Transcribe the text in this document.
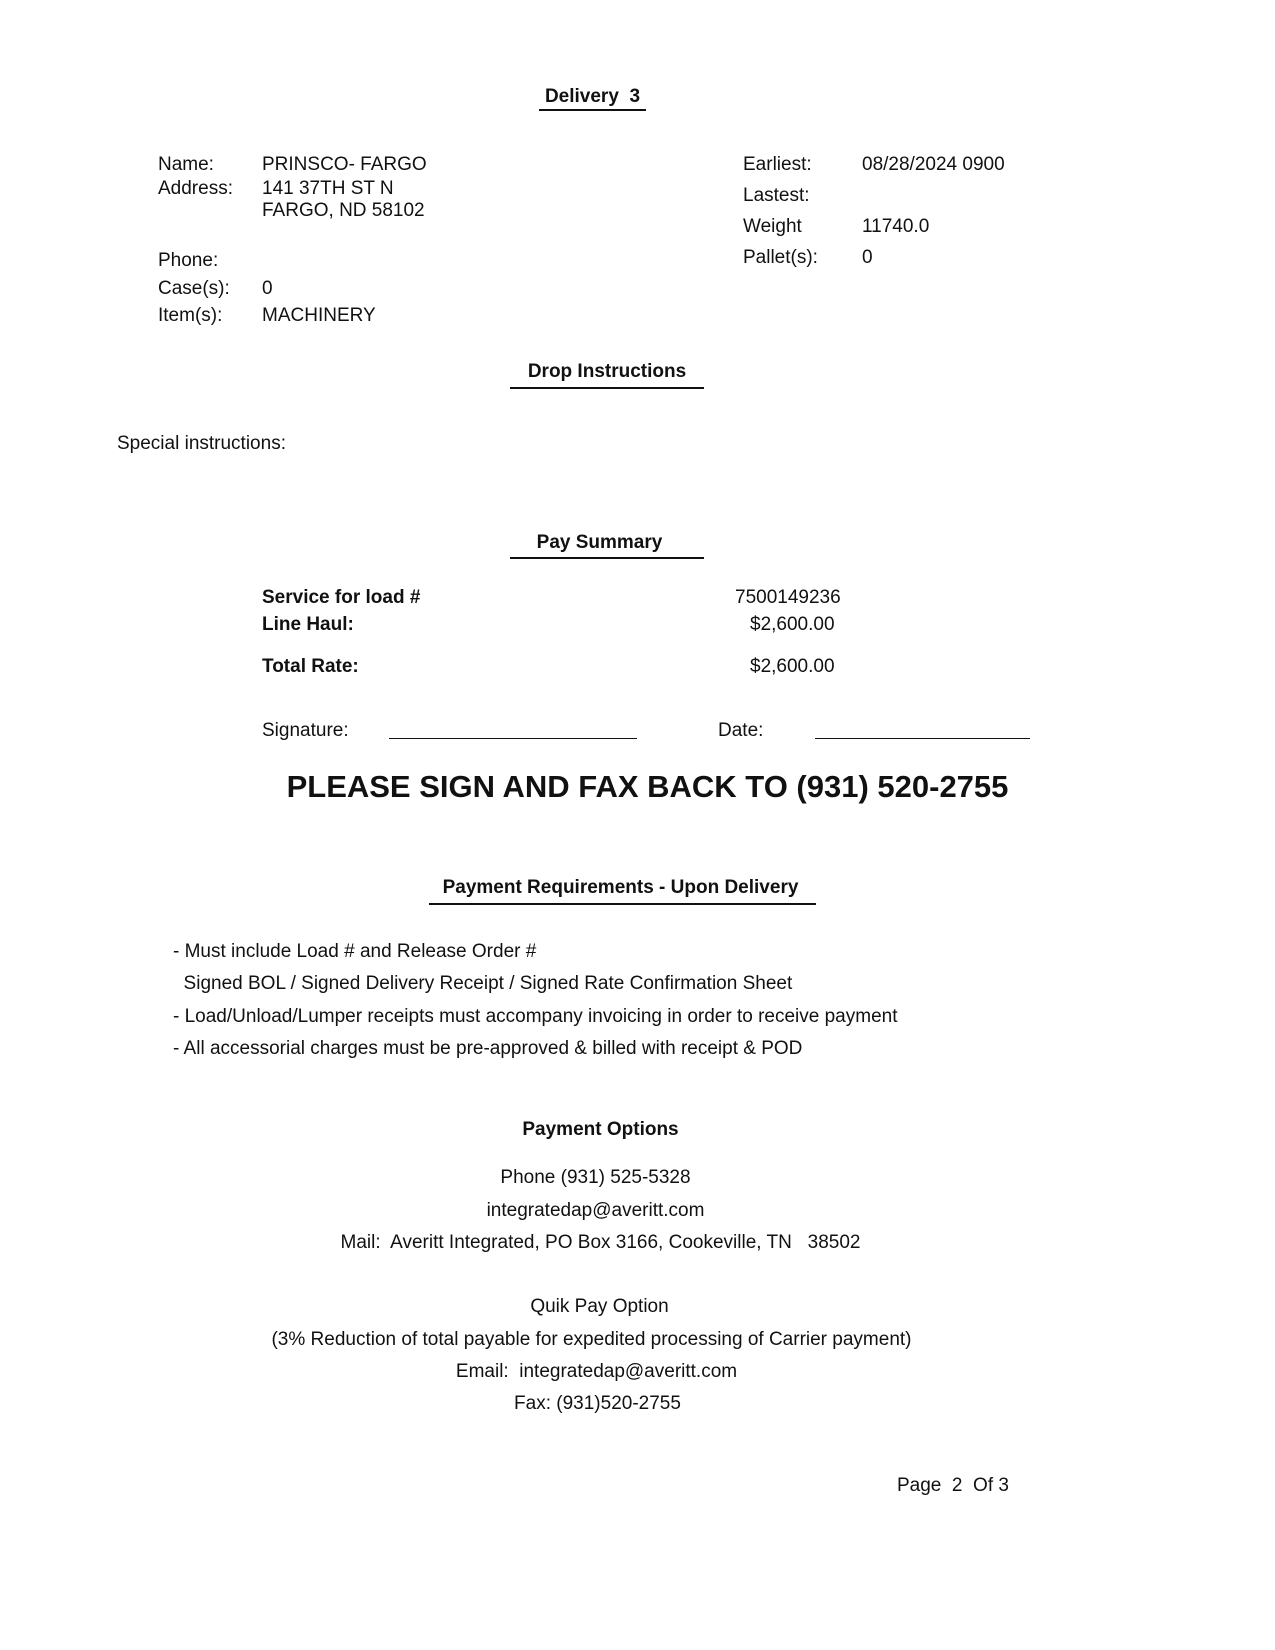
Delivery  3
Name:	PRINSCO- FARGO
Address: 141 37TH ST N
FARGO, ND 58102
Phone:
Case(s): 0
Item(s): MACHINERY
Earliest:	08/28/2024 0900
Lastest:
Weight	11740.0
Pallet(s): 0
Drop Instructions
Special instructions:
Pay Summary
Service for load #	7500149236
Line Haul:	$2,600.00
Total Rate:	$2,600.00
Signature:	Date:
PLEASE SIGN AND FAX BACK TO (931) 520-2755
Payment Requirements - Upon Delivery
- Must include Load # and Release Order #
Signed BOL / Signed Delivery Receipt / Signed Rate Confirmation Sheet
- Load/Unload/Lumper receipts must accompany invoicing in order to receive payment
- All accessorial charges must be pre-approved & billed with receipt & POD
Payment Options
Phone (931) 525-5328
integratedap@averitt.com
Mail:  Averitt Integrated, PO Box 3166, Cookeville, TN   38502
Quik Pay Option
(3% Reduction of total payable for expedited processing of Carrier payment)
Email:  integratedap@averitt.com
Fax: (931)520-2755
Page  2  Of 3
